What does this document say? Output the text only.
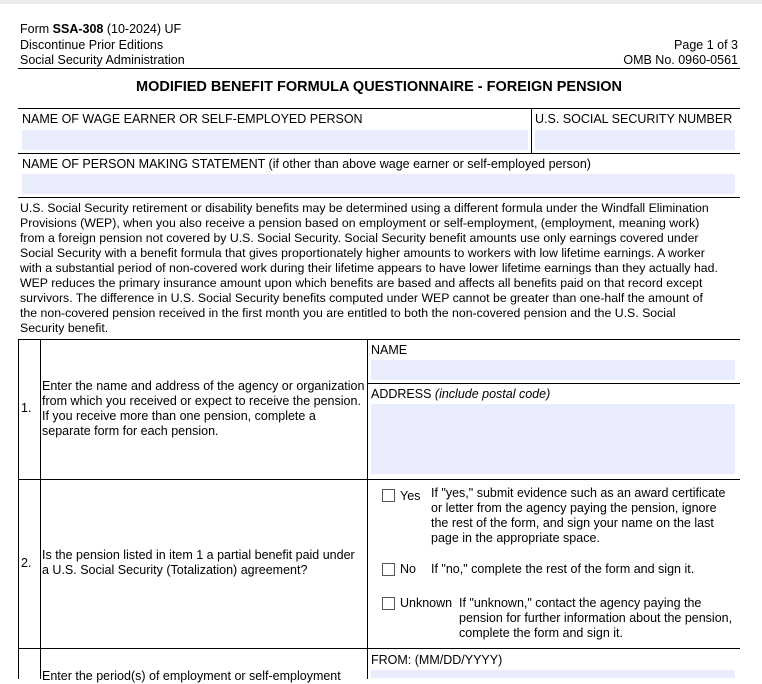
Form SSA-308 (10-2024) UF
Discontinue Prior Editions
Social Security Administration
Page 1 of 3
OMB No. 0960-0561
MODIFIED BENEFIT FORMULA QUESTIONNAIRE - FOREIGN PENSION
NAME OF WAGE EARNER OR SELF-EMPLOYED PERSON	U.S. SOCIAL SECURITY NUMBER
NAME OF PERSON MAKING STATEMENT (if other than above wage earner or self-employed person)
U.S. Social Security retirement or disability benefits may be determined using a different formula under the Windfall Elimination
Provisions (WEP), when you also receive a pension based on employment or self-employment, (employment, meaning work)
from a foreign pension not covered by U.S. Social Security. Social Security benefit amounts use only earnings covered under
Social Security with a benefit formula that gives proportionately higher amounts to workers with low lifetime earnings. A worker
with a substantial period of non-covered work during their lifetime appears to have lower lifetime earnings than they actually had.
WEP reduces the primary insurance amount upon which benefits are based and affects all benefits paid on that record except
survivors. The difference in U.S. Social Security benefits computed under WEP cannot be greater than one-half the amount of
the non-covered pension received in the first month you are entitled to both the non-covered pension and the U.S. Social
Security benefit.
1.
Enter the name and address of the agency or organization
from which you received or expect to receive the pension.
If you receive more than one pension, complete a
separate form for each pension.
NAME
ADDRESS (include postal code)
2.
Is the pension listed in item 1 a partial benefit paid under
a U.S. Social Security (Totalization) agreement?
Yes If "yes," submit evidence such as an award certificate
or letter from the agency paying the pension, ignore
the rest of the form, and sign your name on the last
page in the appropriate space.
No If "no," complete the rest of the form and sign it.
Unknown If "unknown," contact the agency paying the
pension for further information about the pension,
complete the form and sign it.
Enter the period(s) of employment or self-employment
FROM: (MM/DD/YYYY)
